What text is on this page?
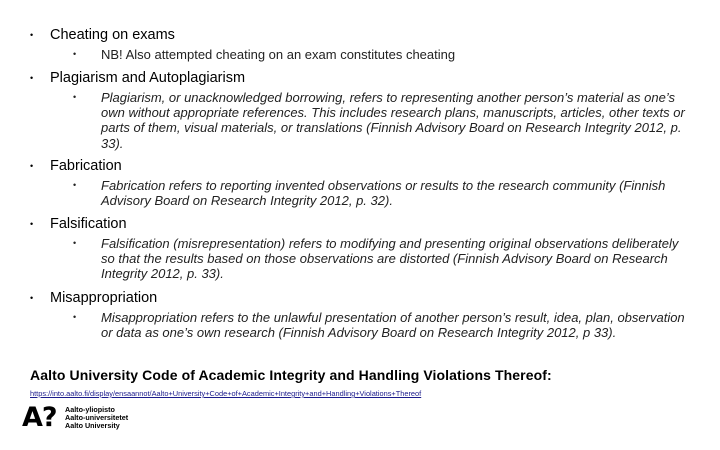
• Cheating on exams
• NB! Also attempted cheating on an exam constitutes cheating
• Plagiarism and Autoplagiarism
• Plagiarism, or unacknowledged borrowing, refers to representing another person’s material as one’s own without appropriate references. This includes research plans, manuscripts, articles, other texts or parts of them, visual materials, or translations (Finnish Advisory Board on Research Integrity 2012, p. 33).
• Fabrication
• Fabrication refers to reporting invented observations or results to the research community (Finnish Advisory Board on Research Integrity 2012, p. 32).
• Falsification
• Falsification (misrepresentation) refers to modifying and presenting original observations deliberately so that the results based on those observations are distorted (Finnish Advisory Board on Research Integrity 2012, p. 33).
• Misappropriation
• Misappropriation refers to the unlawful presentation of another person’s result, idea, plan, observation or data as one’s own research (Finnish Advisory Board on Research Integrity 2012, p 33).
Aalto University Code of Academic Integrity and Handling Violations Thereof:
https://into.aalto.fi/display/ensaannot/Aalto+University+Code+of+Academic+Integrity+and+Handling+Violations+Thereof
A? Aalto-yliopisto
Aalto-universitetet
Aalto University
